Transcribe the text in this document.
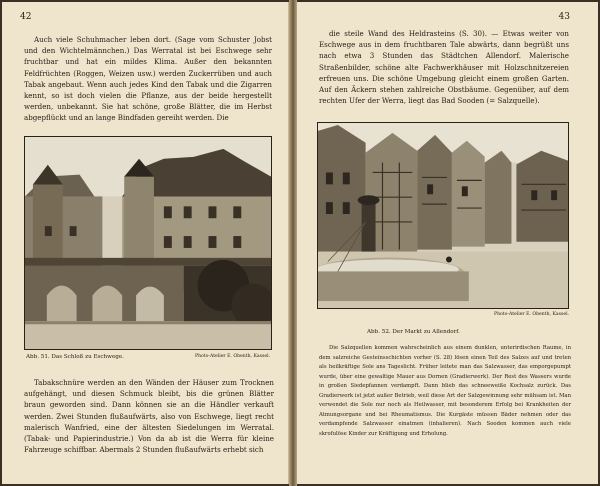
42

Auch viele Schuhmacher leben dort. (Sage vom Schuster Jobst und den Wichtelmännchen.) Das Werratal ist bei Eschwege sehr fruchtbar und hat ein mildes Klima. Außer den bekannten Feldfrüchten (Roggen, Weizen usw.) werden Zuckerrüben und auch Tabak angebaut. Wenn auch jedes Kind den Tabak und die Zigarren kennt, so ist doch vielen die Pflanze, aus der beide hergestellt werden, unbekannt. Sie hat schöne, große Blätter, die im Herbst abgepflückt und an lange Bindfaden gereiht werden. Die

Abb. 51. Das Schloß zu Eschwege.	Photo-Atelier E. Obenth, Kassel.

Tabakschnüre werden an den Wänden der Häuser zum Trocknen aufgehängt, und diesen Schmuck bleibt, bis die grünen Blätter braun geworden sind. Dann können sie an die Händler verkauft werden. Zwei Stunden flußaufwärts, also von Eschwege, liegt recht malerisch Wanfried, eine der ältesten Siedelungen im Werratal. (Tabak- und Papierindustrie.) Von da ab ist die Werra für kleine Fahrzeuge schiffbar. Abermals 2 Stunden flußaufwärts erhebt sich

43

die steile Wand des Heldrasteins (S. 30). — Etwas weiter von Eschwege aus in dem fruchtbaren Tale abwärts, dann begrüßt uns nach etwa 3 Stunden das Städtchen Allendorf. Malerische Straßenbilder, schöne alte Fachwerkhäuser mit Holzschnitzereien erfreuen uns. Die schöne Umgebung gleicht einem großen Garten. Auf den Äckern stehen zahlreiche Obstbäume. Gegenüber, auf dem rechten Ufer der Werra, liegt das Bad Sooden (= Salzquelle).

Photo-Atelier E. Obenth, Kassel.
Abb. 52. Der Markt zu Allendorf.

Die Salzquellen kommen wahrscheinlich aus einem dunklen, unterirdischen Raume, in dem salzreiche Gesteinsschichten vorher (S. 28) lösen einen Teil des Salzes auf und treten als heilkräftige Sole ans Tageslicht. Früher leitete man das Salzwasser, das emporgepumpt wurde, über eine gewaltige Mauer aus Dornen (Gradierwerk). Der Rest des Wassers wurde in großen Siedepfannen verdampft. Dann blieb das schneeweiße Kochsalz zurück. Das Gradierwerk ist jetzt außer Betrieb, weil diese Art der Salzgewinnung sehr mühsam ist. Man verwendet die Sole nur noch als Heilwasser, mit besonderem Erfolg bei Krankheiten der Atmungsorgane und bei Rheumatismus. Die Kurgäste müssen Bäder nehmen oder das verdampfende Salzwasser einatmen (inhalieren). Nach Sooden kommen auch viele skrofulöse Kinder zur Kräftigung und Erholung.
